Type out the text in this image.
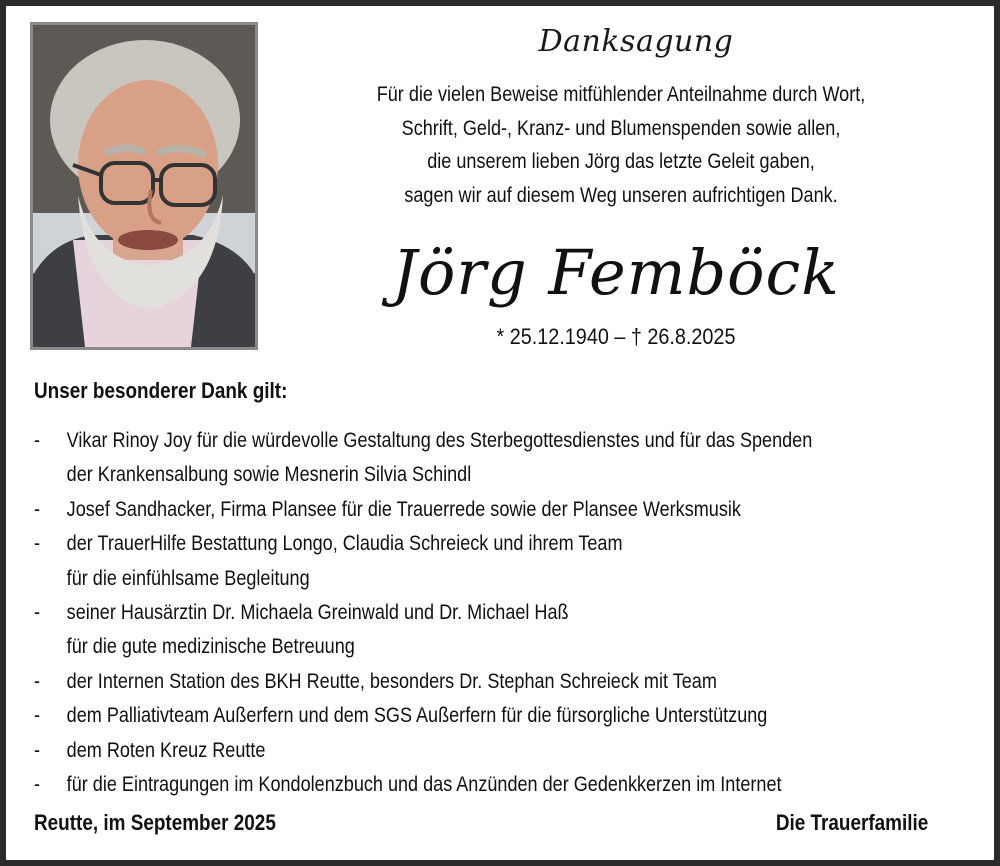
Danksagung
Für die vielen Beweise mitfühlender Anteilnahme durch Wort,
Schrift, Geld-, Kranz- und Blumenspenden sowie allen,
die unserem lieben Jörg das letzte Geleit gaben,
sagen wir auf diesem Weg unseren aufrichtigen Dank.
Jörg Femböck
* 25.12.1940 – † 26.8.2025
Unser besonderer Dank gilt:
- Vikar Rinoy Joy für die würdevolle Gestaltung des Sterbegottesdienstes und für das Spenden
der Krankensalbung sowie Mesnerin Silvia Schindl
- Josef Sandhacker, Firma Plansee für die Trauerrede sowie der Plansee Werksmusik
- der TrauerHilfe Bestattung Longo, Claudia Schreieck und ihrem Team
für die einfühlsame Begleitung
- seiner Hausärztin Dr. Michaela Greinwald und Dr. Michael Haß
für die gute medizinische Betreuung
- der Internen Station des BKH Reutte, besonders Dr. Stephan Schreieck mit Team
- dem Palliativteam Außerfern und dem SGS Außerfern für die fürsorgliche Unterstützung
- dem Roten Kreuz Reutte
- für die Eintragungen im Kondolenzbuch und das Anzünden der Gedenkkerzen im Internet
Reutte, im September 2025	Die Trauerfamilie
